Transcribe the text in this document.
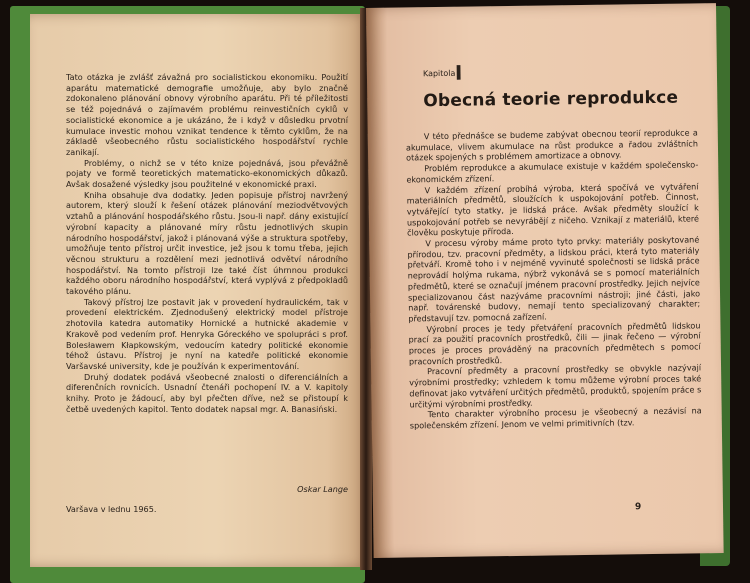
Tato otázka je zvlášť závažná pro socialistickou ekonomiku. Použití aparátu matematické demografie umožňuje, aby bylo značně zdokonaleno plánování obnovy výrobního aparátu. Při té příležitosti se též pojednává o zajímavém problému reinvestičních cyklů v socialistické ekonomice a je ukázáno, že i když v důsledku prvotní kumulace investic mohou vznikat tendence k těmto cyklům, že na základě všeobecného růstu socialistického hospodářství rychle zanikají.

Problémy, o nichž se v této knize pojednává, jsou převážně pojaty ve formě teoretických matematicko-ekonomických důkazů. Avšak dosažené výsledky jsou použitelné v ekonomické praxi.

Kniha obsahuje dva dodatky. Jeden popisuje přístroj navržený autorem, který slouží k řešení otázek plánování meziodvětvových vztahů a plánování hospodářského růstu. Jsou-li např. dány existující výrobní kapacity a plánované míry růstu jednotlivých skupin národního hospodářství, jakož i plánovaná výše a struktura spotřeby, umožňuje tento přístroj určit investice, jež jsou k tomu třeba, jejich věcnou strukturu a rozdělení mezi jednotlivá odvětví národního hospodářství. Na tomto přístroji lze také číst úhrnnou produkci každého oboru národního hospodářství, která vyplývá z předpokladů takového plánu.

Takový přístroj lze postavit jak v provedení hydraulickém, tak v provedení elektrickém. Zjednodušený elektrický model přístroje zhotovila katedra automatiky Hornické a hutnické akademie v Krakově pod vedením prof. Henryka Góreckého ve spolupráci s prof. Bolesławem Kłapkowským, vedoucím katedry politické ekonomie téhož ústavu. Přístroj je nyní na katedře politické ekonomie Varšavské university, kde je používán k experimentování.

Druhý dodatek podává všeobecné znalosti o diferenciálních a diferenčních rovnicích. Usnadní čtenáři pochopení IV. a V. kapitoly knihy. Proto je žádoucí, aby byl přečten dříve, než se přistoupí k četbě uvedených kapitol. Tento dodatek napsal mgr. A. Banasiński.

Oskar Lange
Varšava v lednu 1965.
Kapitola I
Obecná teorie reprodukce

V této přednášce se budeme zabývat obecnou teorií reprodukce a akumulace, vlivem akumulace na růst produkce a řadou zvláštních otázek spojených s problémem amortizace a obnovy.

Problém reprodukce a akumulace existuje v každém společensko-ekonomickém zřízení.

V každém zřízení probíhá výroba, která spočívá ve vytváření materiálních předmětů, sloužících k uspokojování potřeb. Činnost, vytvářející tyto statky, je lidská práce. Avšak předměty sloužící k uspokojování potřeb se nevyrábějí z ničeho. Vznikají z materiálů, které člověku poskytuje příroda.

V procesu výroby máme proto tyto prvky: materiály poskytované přírodou, tzv. pracovní předměty, a lidskou práci, která tyto materiály přetváří. Kromě toho i v nejméně vyvinuté společnosti se lidská práce neprovádí holýma rukama, nýbrž vykonává se s pomocí materiálních předmětů, které se označují jménem pracovní prostředky. Jejich nejvíce specializovanou část nazýváme pracovními nástroji; jiné části, jako např. továrenské budovy, nemají tento specializovaný charakter; představují tzv. pomocná zařízení.

Výrobní proces je tedy přetváření pracovních předmětů lidskou prací za použití pracovních prostředků, čili — jinak řečeno — výrobní proces je proces prováděný na pracovních předmětech s pomocí pracovních prostředků.

Pracovní předměty a pracovní prostředky se obvykle nazývají výrobními prostředky; vzhledem k tomu můžeme výrobní proces také definovat jako vytváření určitých předmětů, produktů, spojením práce s určitými výrobními prostředky.

Tento charakter výrobního procesu je všeobecný a nezávisí na společenském zřízení. Jenom ve velmi primitivních (tzv.

9
